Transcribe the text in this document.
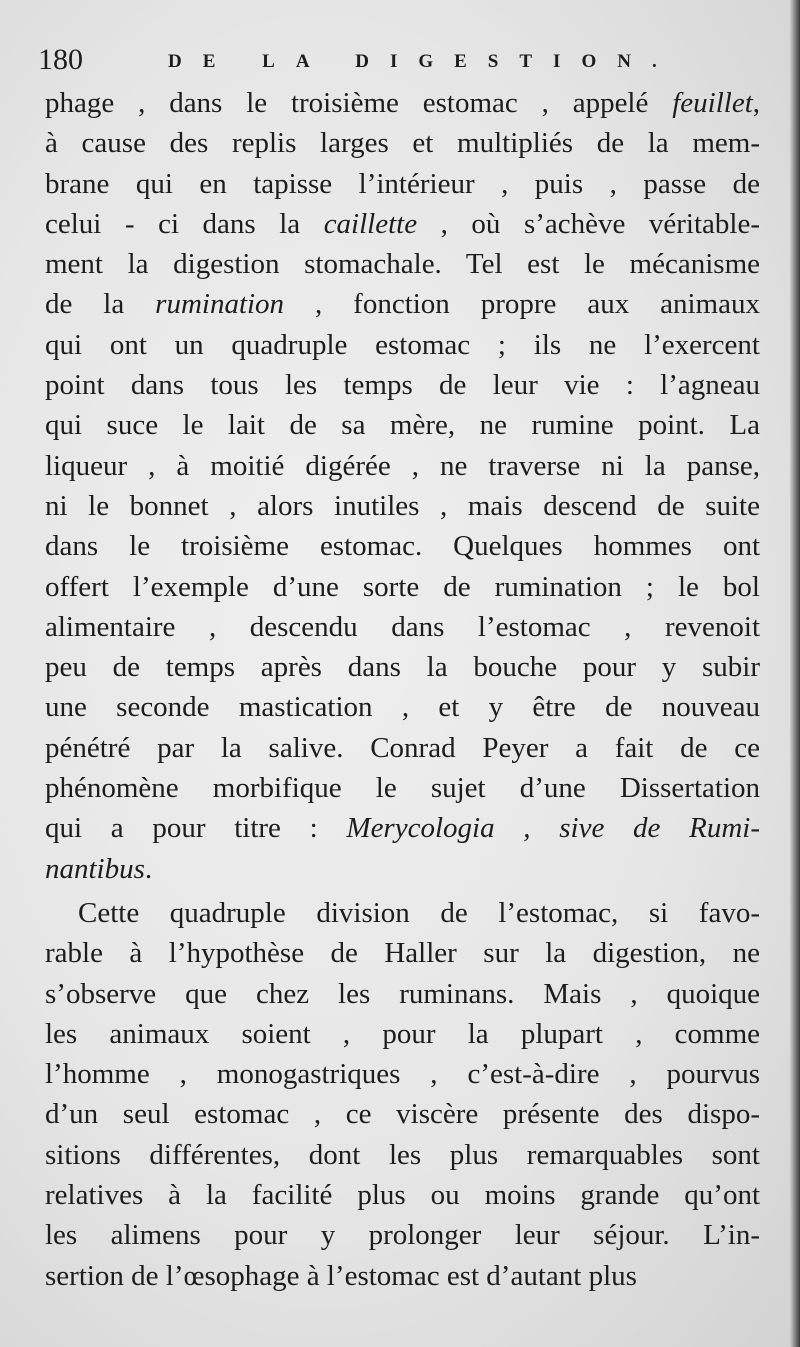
180	DE LA DIGESTION.
phage , dans le troisième estomac , appelé feuillet,
à cause des replis larges et multipliés de la mem-
brane qui en tapisse l’intérieur , puis , passe de
celui - ci dans la caillette , où s’achève véritable-
ment la digestion stomachale. Tel est le mécanisme
de la rumination , fonction propre aux animaux
qui ont un quadruple estomac ; ils ne l’exercent
point dans tous les temps de leur vie : l’agneau
qui suce le lait de sa mère, ne rumine point. La
liqueur , à moitié digérée , ne traverse ni la panse,
ni le bonnet , alors inutiles , mais descend de suite
dans le troisième estomac. Quelques hommes ont
offert l’exemple d’une sorte de rumination ; le bol
alimentaire , descendu dans l’estomac , revenoit
peu de temps après dans la bouche pour y subir
une seconde mastication , et y être de nouveau
pénétré par la salive. Conrad Peyer a fait de ce
phénomène morbifique le sujet d’une Dissertation
qui a pour titre : Merycologia , sive de Rumi-
nantibus.
Cette quadruple division de l’estomac, si favo-
rable à l’hypothèse de Haller sur la digestion, ne
s’observe que chez les ruminans. Mais , quoique
les animaux soient , pour la plupart , comme
l’homme , monogastriques , c’est-à-dire , pourvus
d’un seul estomac , ce viscère présente des dispo-
sitions différentes, dont les plus remarquables sont
relatives à la facilité plus ou moins grande qu’ont
les alimens pour y prolonger leur séjour. L’in-
sertion de l’œsophage à l’estomac est d’autant plus
